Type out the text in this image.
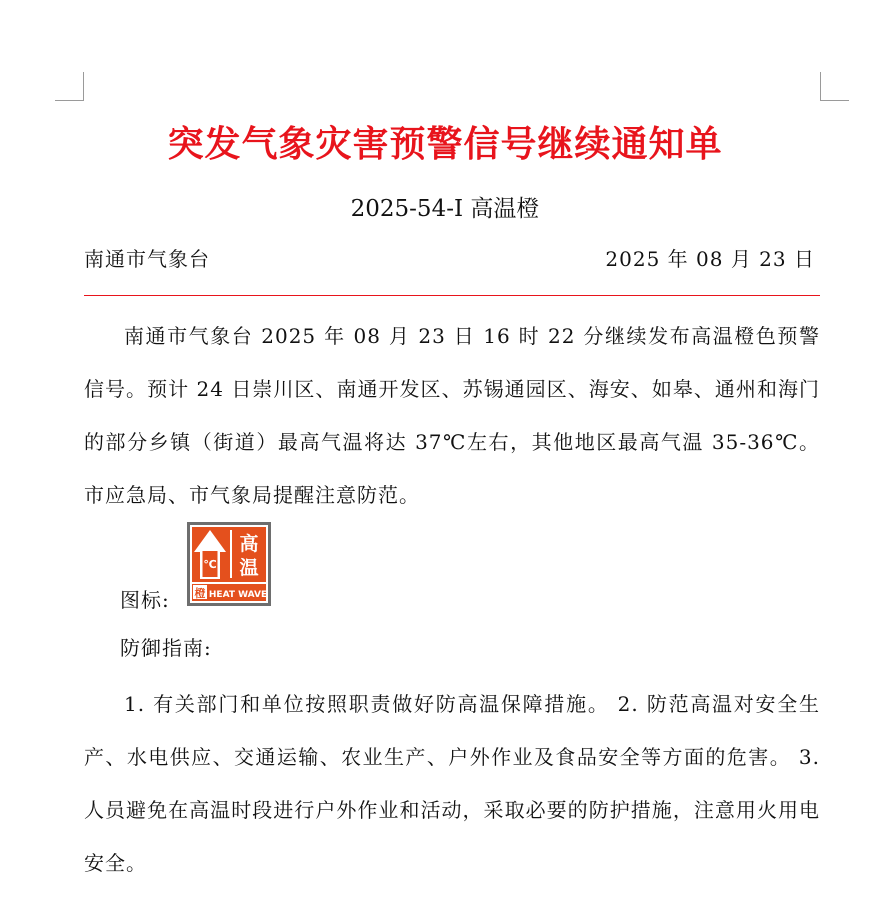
突发气象灾害预警信号继续通知单
2025-54-I 高温橙
南通市气象台	2025 年 08 月 23 日

南通市气象台 2025 年 08 月 23 日 16 时 22 分继续发布高温橙色预警信号。预计 24 日崇川区、南通开发区、苏锡通园区、海安、如皋、通州和海门的部分乡镇（街道）最高气温将达 37℃左右，其他地区最高气温 35-36℃。市应急局、市气象局提醒注意防范。

图标:
℃
高
温
橙 HEAT WAVE
防御指南:

1. 有关部门和单位按照职责做好防高温保障措施。 2. 防范高温对安全生产、水电供应、交通运输、农业生产、户外作业及食品安全等方面的危害。 3. 人员避免在高温时段进行户外作业和活动，采取必要的防护措施，注意用火用电安全。
